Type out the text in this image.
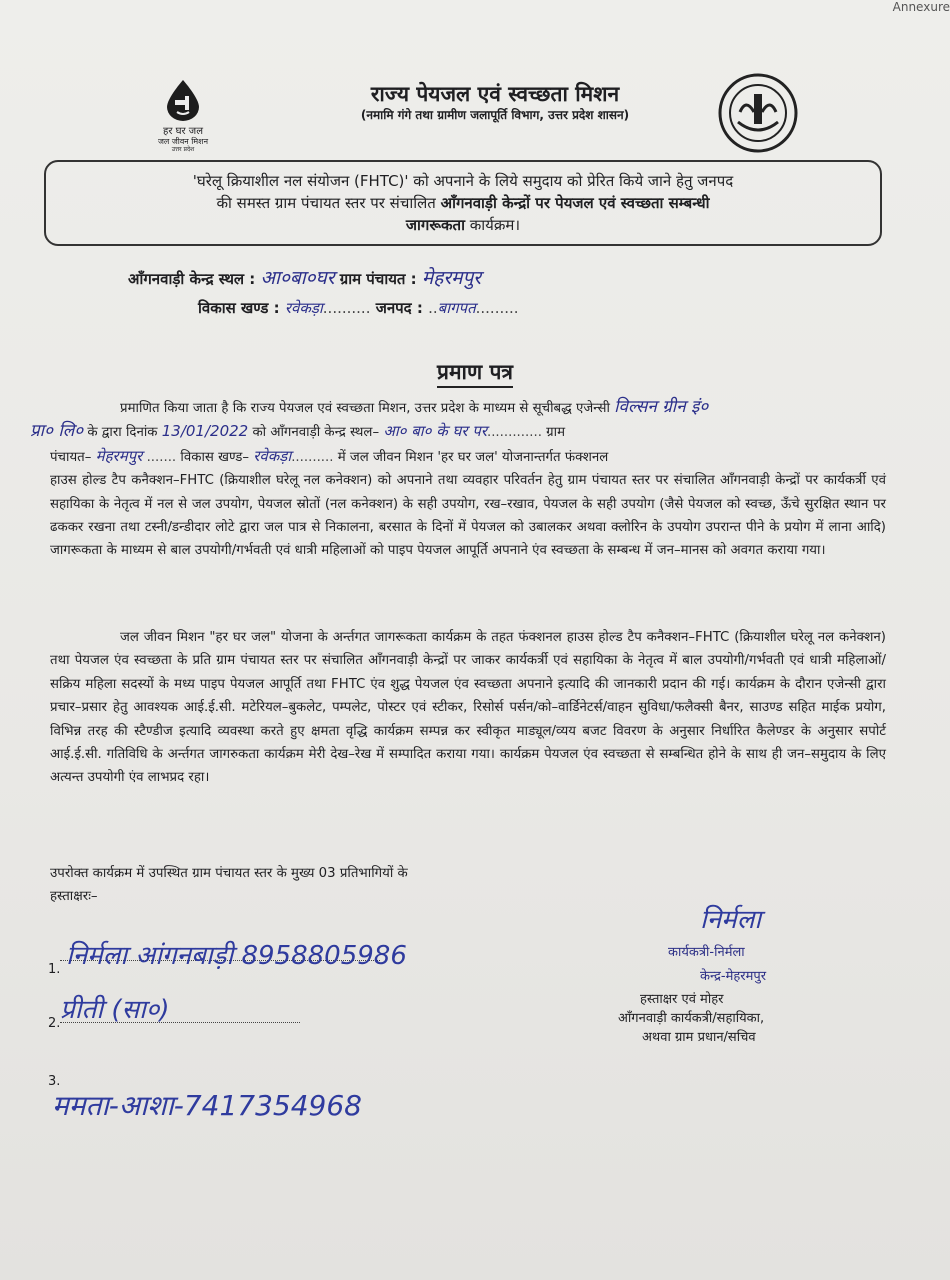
Annexure
हर घर जल
जल जीवन मिशन
उत्तर प्रदेश
राज्य पेयजल एवं स्वच्छता मिशन
(नमामि गंगे तथा ग्रामीण जलापूर्ति विभाग, उत्तर प्रदेश शासन)
'घरेलू क्रियाशील नल संयोजन (FHTC)' को अपनाने के लिये समुदाय को प्रेरित किये जाने हेतु जनपद
की समस्त ग्राम पंचायत स्तर पर संचालित आँगनवाड़ी केन्द्रों पर पेयजल एवं स्वच्छता सम्बन्धी
जागरूकता कार्यक्रम।
आँगनवाड़ी केन्द्र स्थल : आ०बा०घर ग्राम पंचायत : मेहरमपुर
विकास खण्ड : रवेकड़ा.......... जनपद : ..बागपत.........
प्रमाण पत्र
प्रमाणित किया जाता है कि राज्य पेयजल एवं स्वच्छता मिशन, उत्तर प्रदेश के माध्यम से सूचीबद्ध एजेन्सी विल्सन ग्रीन इं०
प्रा० लि० के द्वारा दिनांक 13/01/2022 को आँगनवाड़ी केन्द्र स्थल– आ० बा० के घर पर............. ग्राम
पंचायत– मेहरमपुर ....... विकास खण्ड– रवेकड़ा.......... में जल जीवन मिशन 'हर घर जल' योजनान्तर्गत फंक्शनल
हाउस होल्ड टैप कनैक्शन–FHTC (क्रियाशील घरेलू नल कनेक्शन) को अपनाने तथा व्यवहार परिवर्तन हेतु ग्राम पंचायत स्तर पर संचालित आँगनवाड़ी केन्द्रों पर कार्यकर्त्री एवं सहायिका के नेतृत्व में नल से जल उपयोग, पेयजल स्रोतों (नल कनेक्शन) के सही उपयोग, रख–रखाव, पेयजल के सही उपयोग (जैसे पेयजल को स्वच्छ, ऊँचे सुरक्षित स्थान पर ढककर रखना तथा टस्नी/डन्डीदार लोटे द्वारा जल पात्र से निकालना, बरसात के दिनों में पेयजल को उबालकर अथवा क्लोरिन के उपयोग उपरान्त पीने के प्रयोग में लाना आदि) जागरूकता के माध्यम से बाल उपयोगी/गर्भवती एवं धात्री महिलाओं को पाइप पेयजल आपूर्ति अपनाने एंव स्वच्छता के सम्बन्ध में जन–मानस को अवगत कराया गया।
जल जीवन मिशन "हर घर जल" योजना के अर्न्तगत जागरूकता कार्यक्रम के तहत फंक्शनल हाउस होल्ड टैप कनैक्शन–FHTC (क्रियाशील घरेलू नल कनेक्शन) तथा पेयजल एंव स्वच्छता के प्रति ग्राम पंचायत स्तर पर संचालित आँगनवाड़ी केन्द्रों पर जाकर कार्यकर्त्री एवं सहायिका के नेतृत्व में बाल उपयोगी/गर्भवती एवं धात्री महिलाओं/सक्रिय महिला सदस्यों के मध्य पाइप पेयजल आपूर्ति तथा FHTC एंव शुद्ध पेयजल एंव स्वच्छता अपनाने इत्यादि की जानकारी प्रदान की गई। कार्यक्रम के दौरान एजेन्सी द्वारा प्रचार–प्रसार हेतु आवश्यक आई.ई.सी. मटेरियल–बुकलेट, पम्पलेट, पोस्टर एवं स्टीकर, रिसोर्स पर्सन/को–वार्डिनेटर्स/वाहन सुविधा/फलैक्सी बैनर, साउण्ड सहित माईक प्रयोग, विभिन्न तरह की स्टैण्डीज इत्यादि व्यवस्था करते हुए क्षमता वृद्धि कार्यक्रम सम्पन्न कर स्वीकृत माड्यूल/व्यय बजट विवरण के अनुसार निर्धारित कैलेण्डर के अनुसार सपोर्ट आई.ई.सी. गतिविधि के अर्न्तगत जागरुकता कार्यक्रम मेरी देख–रेख में सम्पादित कराया गया। कार्यक्रम पेयजल एंव स्वच्छता से सम्बन्धित होने के साथ ही जन–समुदाय के लिए अत्यन्त उपयोगी एंव लाभप्रद रहा।
उपरोक्त कार्यक्रम में उपस्थित ग्राम पंचायत स्तर के मुख्य 03 प्रतिभागियों के
हस्ताक्षरः–
1. निर्मला आंगनबाड़ी 8958805986
2. प्रीती (सा०)
3.
ममता-आशा-7417354968
निर्मला
कार्यकत्री-निर्मला
केन्द्र-मेहरमपुर
हस्ताक्षर एवं मोहर
आँगनवाड़ी कार्यकत्री/सहायिका,
अथवा ग्राम प्रधान/सचिव
